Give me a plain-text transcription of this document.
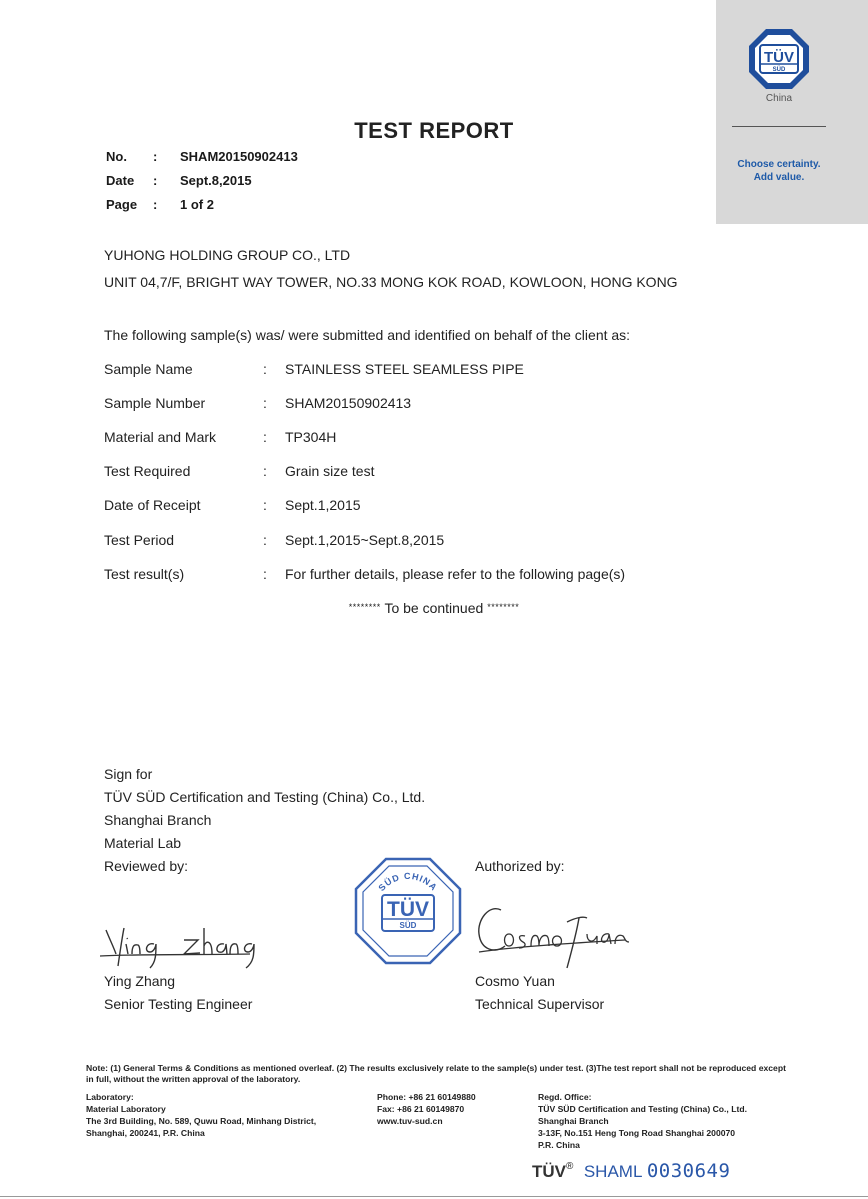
TÜV
SÜD
China
Choose certainty.
Add value.
TEST REPORT
No. : SHAM20150902413
Date : Sept.8,2015
Page : 1 of 2
YUHONG HOLDING GROUP CO., LTD
UNIT 04,7/F, BRIGHT WAY TOWER, NO.33 MONG KOK ROAD, KOWLOON, HONG KONG
The following sample(s) was/ were submitted and identified on behalf of the client as:
Sample Name	: STAINLESS STEEL SEAMLESS PIPE
Sample Number	: SHAM20150902413
Material and Mark	: TP304H
Test Required	: Grain size test
Date of Receipt	: Sept.1,2015
Test Period	: Sept.1,2015~Sept.8,2015
Test result(s)	: For further details, please refer to the following page(s)
******** To be continued ********
Sign for
TÜV SÜD Certification and Testing (China) Co., Ltd.
Shanghai Branch
Material Lab
Reviewed by:	Authorized by:
SÜD CHINA
TÜV
SÜD
Ying Zhang
Senior Testing Engineer
Cosmo Yuan
Technical Supervisor
Note: (1) General Terms & Conditions as mentioned overleaf. (2) The results exclusively relate to the sample(s) under test. (3)The test report shall not be reproduced except in full, without the written approval of the laboratory.
Laboratory:
Material Laboratory
The 3rd Building, No. 589, Quwu Road, Minhang District,
Shanghai, 200241, P.R. China
Phone: +86 21 60149880
Fax: +86 21 60149870
www.tuv-sud.cn
Regd. Office:
TÜV SÜD Certification and Testing (China) Co., Ltd.
Shanghai Branch
3-13F, No.151 Heng Tong Road Shanghai 200070
P.R. China
TÜV® SHAML 0030649
